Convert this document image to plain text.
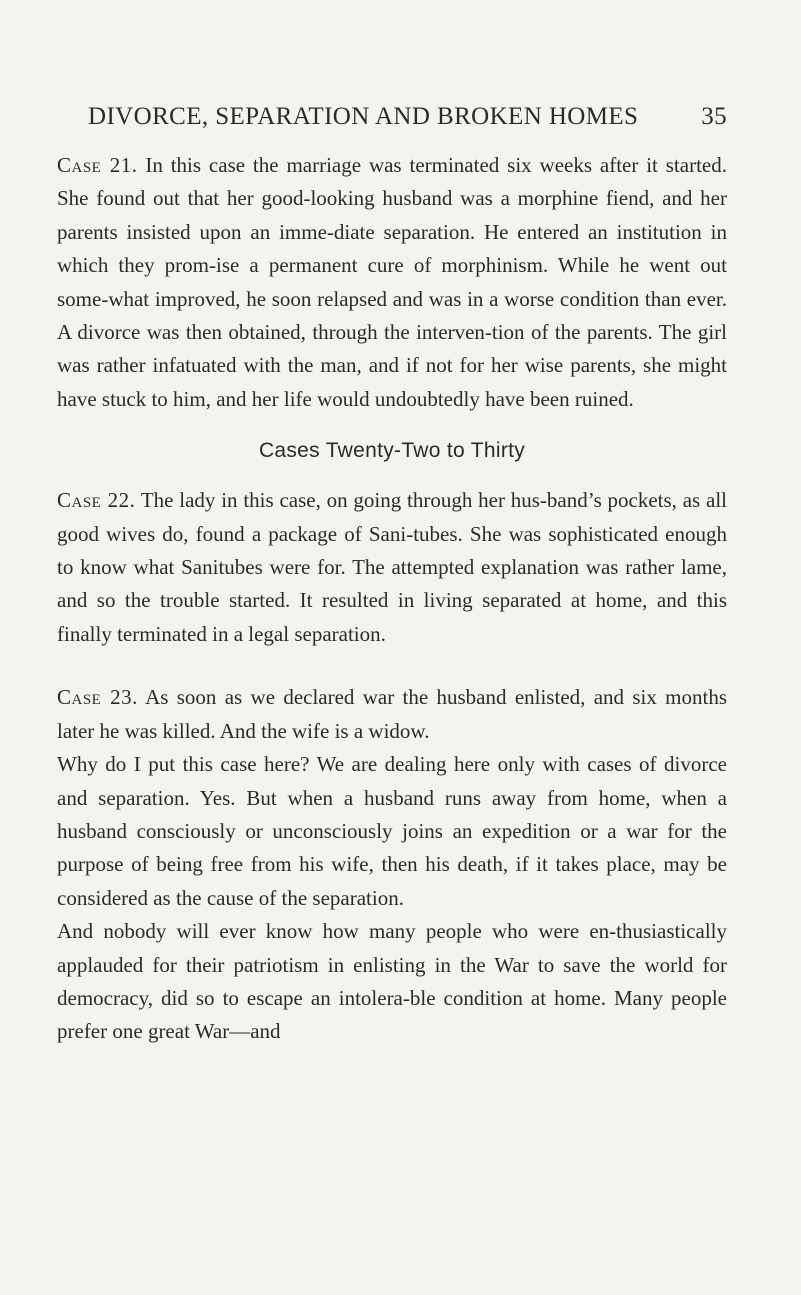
DIVORCE, SEPARATION AND BROKEN HOMES	35

Case 21. In this case the marriage was terminated six weeks after it started. She found out that her good-looking husband was a morphine fiend, and her parents insisted upon an imme-diate separation. He entered an institution in which they prom-ise a permanent cure of morphinism. While he went out some-what improved, he soon relapsed and was in a worse condition than ever. A divorce was then obtained, through the interven-tion of the parents. The girl was rather infatuated with the man, and if not for her wise parents, she might have stuck to him, and her life would undoubtedly have been ruined.

Cases Twenty-Two to Thirty

Case 22. The lady in this case, on going through her hus-band’s pockets, as all good wives do, found a package of Sani-tubes. She was sophisticated enough to know what Sanitubes were for. The attempted explanation was rather lame, and so the trouble started. It resulted in living separated at home, and this finally terminated in a legal separation.

Case 23. As soon as we declared war the husband enlisted, and six months later he was killed. And the wife is a widow.

Why do I put this case here? We are dealing here only with cases of divorce and separation. Yes. But when a husband runs away from home, when a husband consciously or unconsciously joins an expedition or a war for the purpose of being free from his wife, then his death, if it takes place, may be considered as the cause of the separation.

And nobody will ever know how many people who were en-thusiastically applauded for their patriotism in enlisting in the War to save the world for democracy, did so to escape an intolera-ble condition at home. Many people prefer one great War—and
